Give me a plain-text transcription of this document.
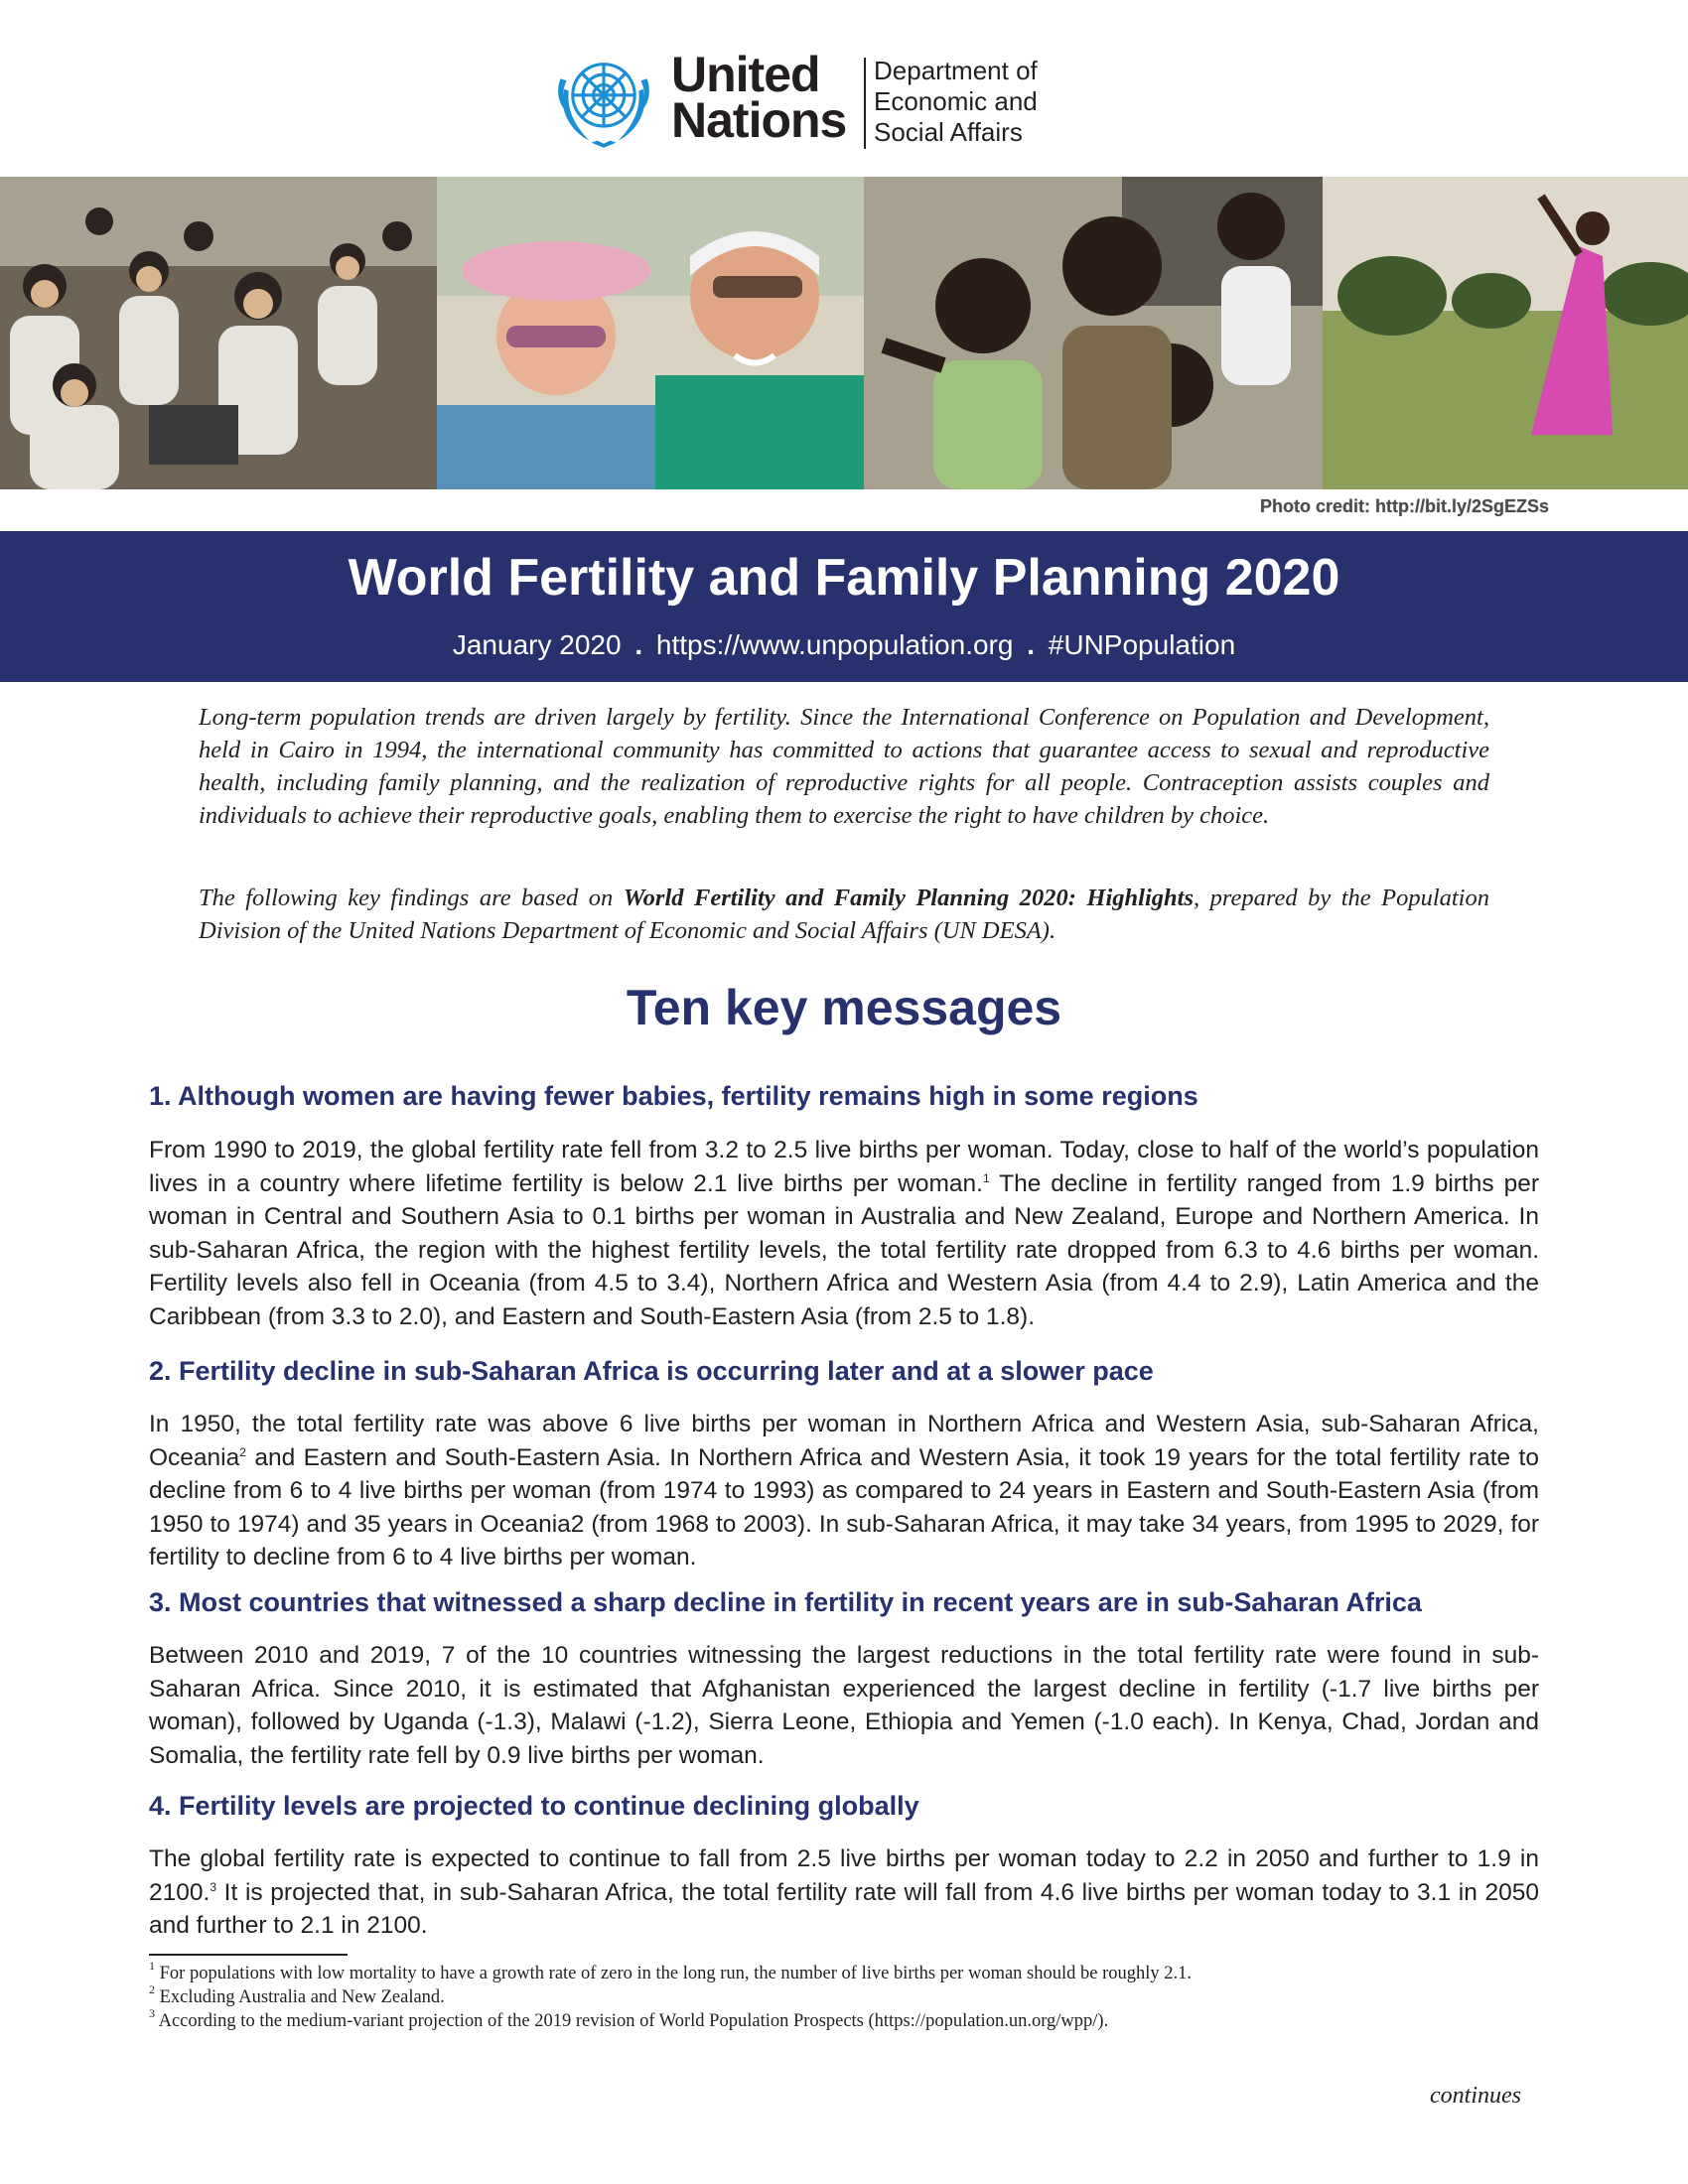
United
Nations
Department of
Economic and
Social Affairs
Photo credit: http://bit.ly/2SgEZSs
World Fertility and Family Planning 2020
January 2020 . https://www.unpopulation.org . #UNPopulation

Long-term population trends are driven largely by fertility. Since the International Conference on Population and Development, held in Cairo in 1994, the international community has committed to actions that guarantee access to sexual and reproductive health, including family planning, and the realization of reproductive rights for all people. Contraception assists couples and individuals to achieve their reproductive goals, enabling them to exercise the right to have children by choice.

The following key findings are based on World Fertility and Family Planning 2020: Highlights, prepared by the Population Division of the United Nations Department of Economic and Social Affairs (UN DESA).

Ten key messages
1. Although women are having fewer babies, fertility remains high in some regions

From 1990 to 2019, the global fertility rate fell from 3.2 to 2.5 live births per woman. Today, close to half of the world’s population lives in a country where lifetime fertility is below 2.1 live births per woman.$^1$ The decline in fertility ranged from 1.9 births per woman in Central and Southern Asia to 0.1 births per woman in Australia and New Zealand, Europe and Northern America. In sub-Saharan Africa, the region with the highest fertility levels, the total fertility rate dropped from 6.3 to 4.6 births per woman. Fertility levels also fell in Oceania (from 4.5 to 3.4), Northern Africa and Western Asia (from 4.4 to 2.9), Latin America and the Caribbean (from 3.3 to 2.0), and Eastern and South-Eastern Asia (from 2.5 to 1.8).

2. Fertility decline in sub-Saharan Africa is occurring later and at a slower pace

In 1950, the total fertility rate was above 6 live births per woman in Northern Africa and Western Asia, sub-Saharan Africa, Oceania$^2$ and Eastern and South-Eastern Asia. In Northern Africa and Western Asia, it took 19 years for the total fertility rate to decline from 6 to 4 live births per woman (from 1974 to 1993) as compared to 24 years in Eastern and South-Eastern Asia (from 1950 to 1974) and 35 years in Oceania2 (from 1968 to 2003). In sub-Saharan Africa, it may take 34 years, from 1995 to 2029, for fertility to decline from 6 to 4 live births per woman.

3. Most countries that witnessed a sharp decline in fertility in recent years are in sub-Saharan Africa

Between 2010 and 2019, 7 of the 10 countries witnessing the largest reductions in the total fertility rate were found in sub-Saharan Africa. Since 2010, it is estimated that Afghanistan experienced the largest decline in fertility (-1.7 live births per woman), followed by Uganda (-1.3), Malawi (-1.2), Sierra Leone, Ethiopia and Yemen (-1.0 each). In Kenya, Chad, Jordan and Somalia, the fertility rate fell by 0.9 live births per woman.

4. Fertility levels are projected to continue declining globally

The global fertility rate is expected to continue to fall from 2.5 live births per woman today to 2.2 in 2050 and further to 1.9 in 2100.$^3$ It is projected that, in sub-Saharan Africa, the total fertility rate will fall from 4.6 live births per woman today to 3.1 in 2050 and further to 2.1 in 2100.

$^1$ For populations with low mortality to have a growth rate of zero in the long run, the number of live births per woman should be roughly 2.1.

$^2$ Excluding Australia and New Zealand.

$^3$ According to the medium-variant projection of the 2019 revision of World Population Prospects (https://population.un.org/wpp/).

continues
